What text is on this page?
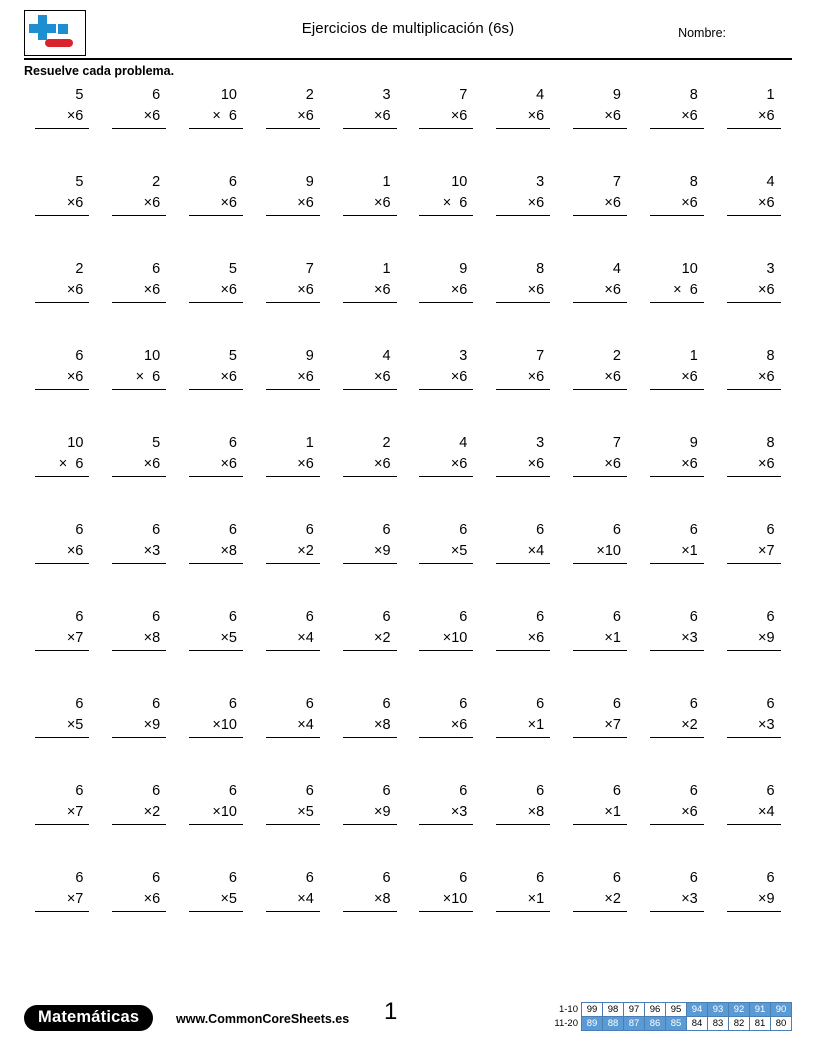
Ejercicios de multiplicación (6s)	Nombre:
Resuelve cada problema.
5
×6
6
×6
10
×  6
2
×6
3
×6
7
×6
4
×6
9
×6
8
×6
1
×6
5
×6
2
×6
6
×6
9
×6
1
×6
10
×  6
3
×6
7
×6
8
×6
4
×6
2
×6
6
×6
5
×6
7
×6
1
×6
9
×6
8
×6
4
×6
10
×  6
3
×6
6
×6
10
×  6
5
×6
9
×6
4
×6
3
×6
7
×6
2
×6
1
×6
8
×6
10
×  6
5
×6
6
×6
1
×6
2
×6
4
×6
3
×6
7
×6
9
×6
8
×6
6
×6
6
×3
6
×8
6
×2
6
×9
6
×5
6
×4
6
×10
6
×1
6
×7
6
×7
6
×8
6
×5
6
×4
6
×2
6
×10
6
×6
6
×1
6
×3
6
×9
6
×5
6
×9
6
×10
6
×4
6
×8
6
×6
6
×1
6
×7
6
×2
6
×3
6
×7
6
×2
6
×10
6
×5
6
×9
6
×3
6
×8
6
×1
6
×6
6
×4
6
×7
6
×6
6
×5
6
×4
6
×8
6
×10
6
×1
6
×2
6
×3
6
×9
Matemáticas	www.CommonCoreSheets.es 1	1-10	99	98	97	96	95	94	93	92	91	90
11-20	89	88	87	86	85	84	83	82	81	80
